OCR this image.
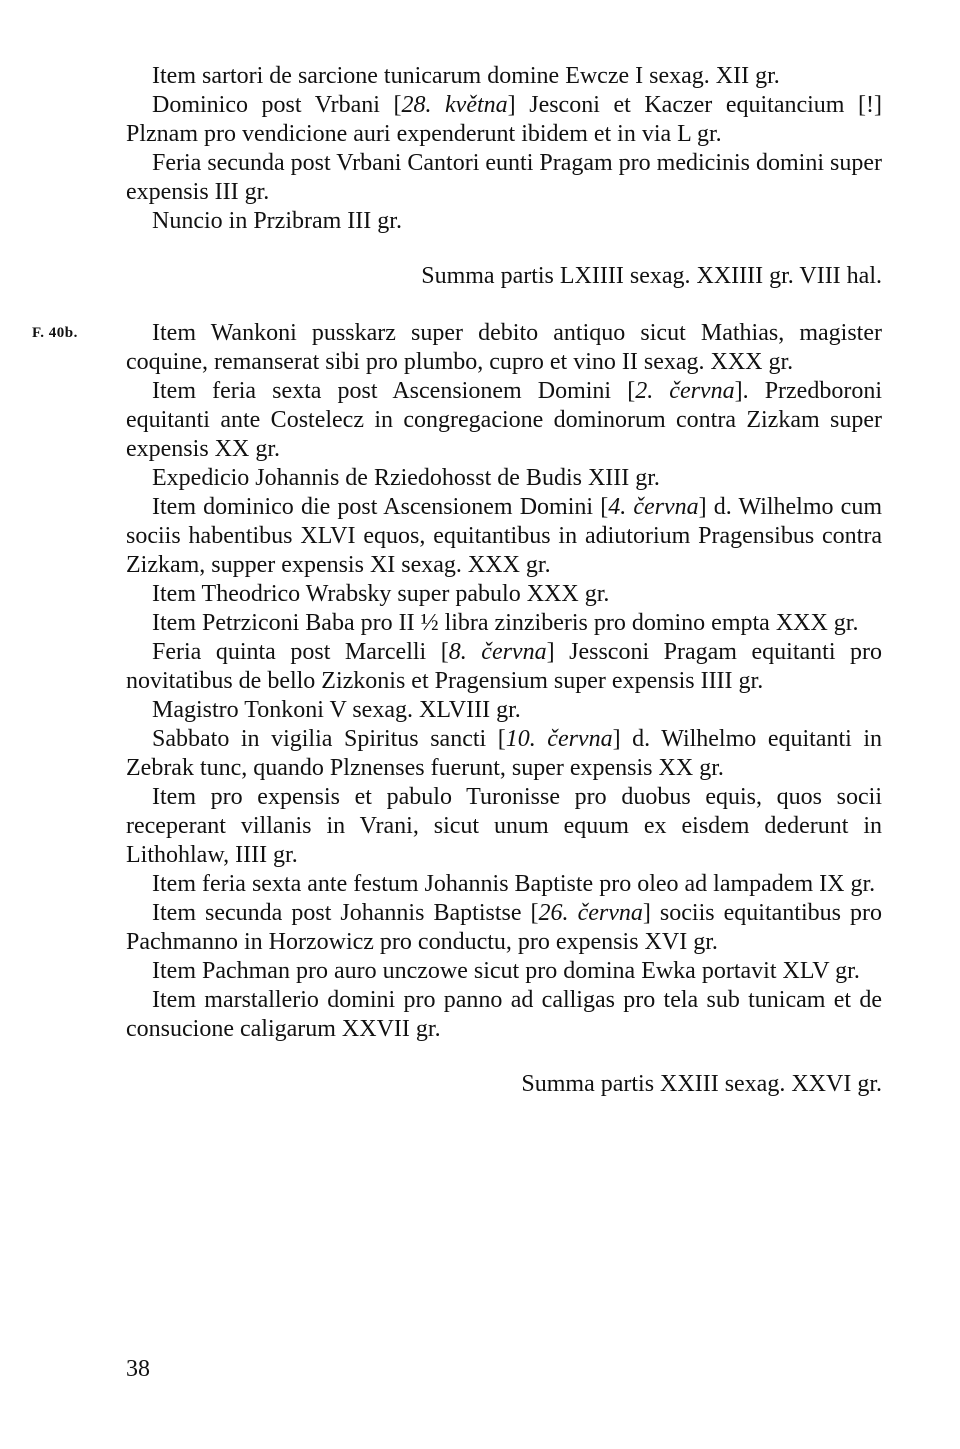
Item sartori de sarcione tunicarum domine Ewcze I sexag. XII gr.

Dominico post Vrbani [28. května] Jesconi et Kaczer equitancium [!] Plznam pro vendicione auri expenderunt ibidem et in via L gr.

Feria secunda post Vrbani Cantori eunti Pragam pro medicinis domini super expensis III gr.

Nuncio in Przibram III gr.

Summa partis LXIIII sexag. XXIIII gr. VIII hal.

F. 40b.	Item Wankoni pusskarz super debito antiquo sicut Mathias, magister coquine, remanserat sibi pro plumbo, cupro et vino II sexag. XXX gr.

Item feria sexta post Ascensionem Domini [2. června]. Przedboroni equitanti ante Costelecz in congregacione dominorum contra Zizkam super expensis XX gr.

Expedicio Johannis de Rziedohosst de Budis XIII gr.

Item dominico die post Ascensionem Domini [4. června] d. Wilhelmo cum sociis habentibus XLVI equos, equitantibus in adiutorium Pragensibus contra Zizkam, supper expensis XI sexag. XXX gr.

Item Theodrico Wrabsky super pabulo XXX gr.

Item Petrziconi Baba pro II ½ libra zinziberis pro domino empta XXX gr.

Feria quinta post Marcelli [8. června] Jessconi Pragam equitanti pro novitatibus de bello Zizkonis et Pragensium super expensis IIII gr.

Magistro Tonkoni V sexag. XLVIII gr.

Sabbato in vigilia Spiritus sancti [10. června] d. Wilhelmo equitanti in Zebrak tunc, quando Plznenses fuerunt, super expensis XX gr.

Item pro expensis et pabulo Turonisse pro duobus equis, quos socii receperant villanis in Vrani, sicut unum equum ex eisdem dederunt in Lithohlaw, IIII gr.

Item feria sexta ante festum Johannis Baptiste pro oleo ad lampadem IX gr.

Item secunda post Johannis Baptistse [26. června] sociis equitantibus pro Pachmanno in Horzowicz pro conductu, pro expensis XVI gr.

Item Pachman pro auro unczowe sicut pro domina Ewka portavit XLV gr.

Item marstallerio domini pro panno ad calligas pro tela sub tunicam et de consucione caligarum XXVII gr.

Summa partis XXIII sexag. XXVI gr.

38
